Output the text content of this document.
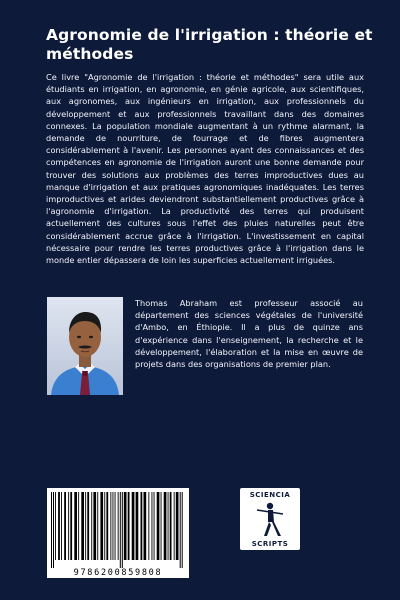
Agronomie de l'irrigation : théorie et méthodes
Ce livre "Agronomie de l'irrigation : théorie et méthodes" sera utile aux étudiants en irrigation, en agronomie, en génie agricole, aux scientifiques, aux agronomes, aux ingénieurs en irrigation, aux professionnels du développement et aux professionnels travaillant dans des domaines connexes. La population mondiale augmentant à un rythme alarmant, la demande de nourriture, de fourrage et de fibres augmentera considérablement à l'avenir. Les personnes ayant des connaissances et des compétences en agronomie de l'irrigation auront une bonne demande pour trouver des solutions aux problèmes des terres improductives dues au manque d'irrigation et aux pratiques agronomiques inadéquates. Les terres improductives et arides deviendront substantiellement productives grâce à l'agronomie d'irrigation. La productivité des terres qui produisent actuellement des cultures sous l'effet des pluies naturelles peut être considérablement accrue grâce à l'irrigation. L'investissement en capital nécessaire pour rendre les terres productives grâce à l'irrigation dans le monde entier dépassera de loin les superficies actuellement irriguées.
Thomas Abraham est professeur associé au département des sciences végétales de l'université d'Ambo, en Éthiopie. Il a plus de quinze ans d'expérience dans l'enseignement, la recherche et le développement, l'élaboration et la mise en œuvre de projets dans des organisations de premier plan.
9786200859808
SCIENCIA
SCRIPTS
